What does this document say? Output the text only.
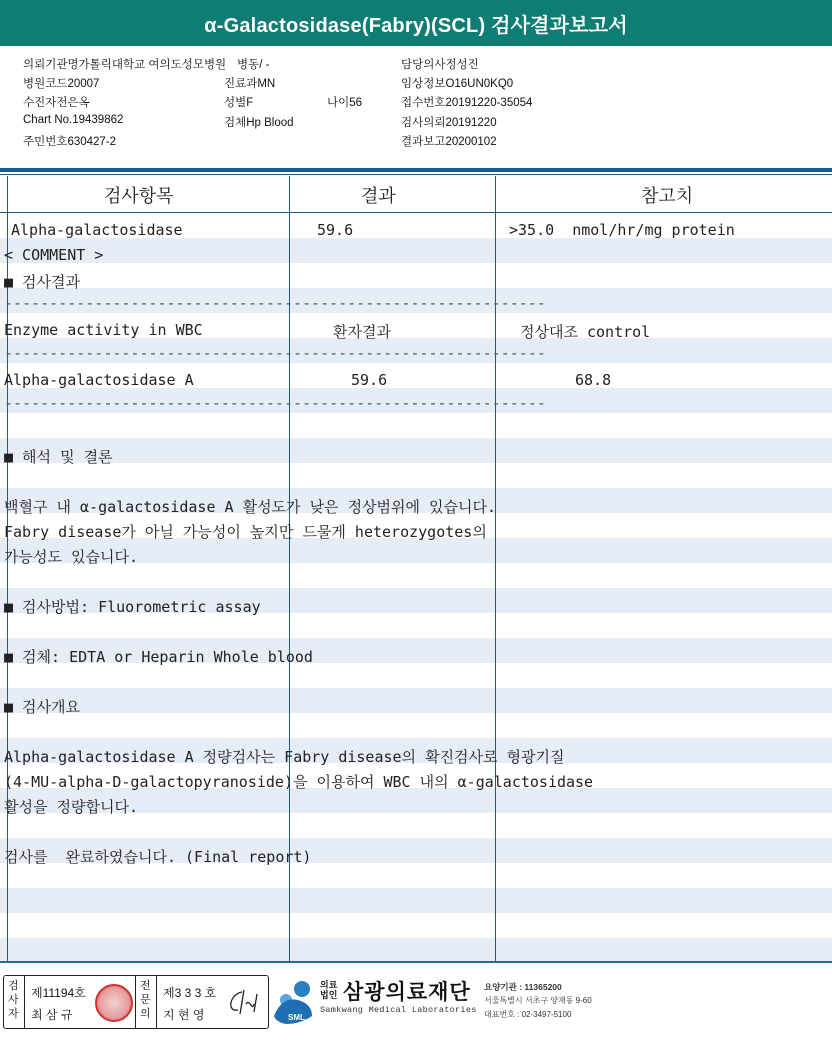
α-Galactosidase(Fabry)(SCL) 검사결과보고서
의뢰기관명가톨릭대학교 여의도성모병원
병원코드20007
수진자전은옥
Chart No.19439862
주민번호630427-2
병동/ -
진료과MN
성별F	나이56
검체Hp Blood
담당의사정성진
임상정보O16UN0KQ0
접수번호20191220-35054
검사의뢰20191220
결과보고20200102
검사항목	결과	참고치
Alpha-galactosidase	59.6	>35.0  nmol/hr/mg protein
< COMMENT >
■ 검사결과
------------------------------------------------------------
Enzyme activity in WBC	환자결과	정상대조 control
------------------------------------------------------------
Alpha-galactosidase A	59.6	68.8
------------------------------------------------------------
■ 해석 및 결론
백혈구 내 α-galactosidase A 활성도가 낮은 정상범위에 있습니다.
Fabry disease가 아닐 가능성이 높지만 드물게 heterozygotes의
가능성도 있습니다.
■ 검사방법: Fluorometric assay
■ 검체: EDTA or Heparin Whole blood
■ 검사개요
Alpha-galactosidase A 정량검사는 Fabry disease의 확진검사로 형광기질
(4-MU-alpha-D-galactopyranoside)을 이용하여 WBC 내의 α-galactosidase
활성을 정량합니다.
검사를  완료하였습니다. (Final report)
검사자
제11194호
최 삼 규
전문의
제3 3 3 호
지 현 영	SML
의료
법인 삼광의료재단
Samkwang Medical Laboratories
요양기관 : 11365200
서울특별시 서초구 양재동 9-60
대표번호 : 02-3497-5100
